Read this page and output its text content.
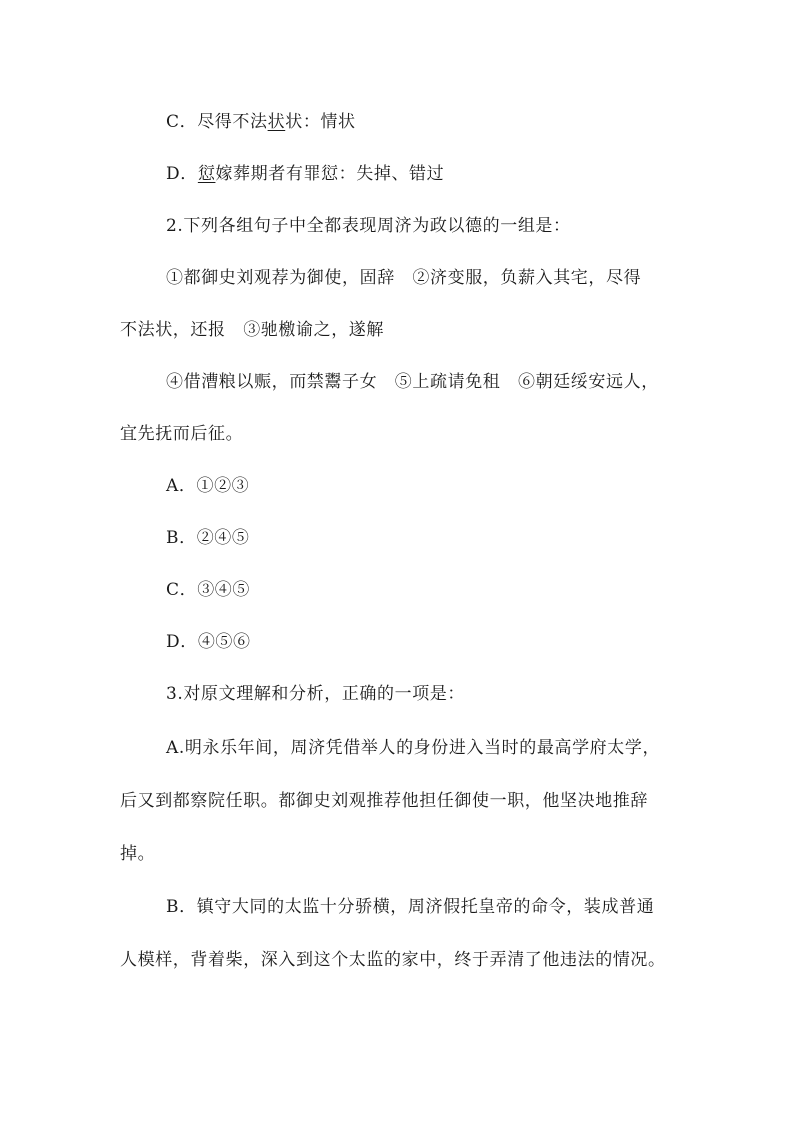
C．尽得不法状状：情状
D．愆嫁葬期者有罪愆：失掉、错过
2.下列各组句子中全都表现周济为政以德的一组是：
①都御史刘观荐为御使，固辞　②济变服，负薪入其宅，尽得
不法状，还报　③驰檄谕之，遂解
④借漕粮以赈，而禁鬻子女　⑤上疏请免租　⑥朝廷绥安远人，
宜先抚而后征。
A．①②③
B．②④⑤
C．③④⑤
D．④⑤⑥
3.对原文理解和分析，正确的一项是：
A.明永乐年间，周济凭借举人的身份进入当时的最高学府太学，
后又到都察院任职。都御史刘观推荐他担任御使一职，他坚决地推辞
掉。
B．镇守大同的太监十分骄横，周济假托皇帝的命令，装成普通
人模样，背着柴，深入到这个太监的家中，终于弄清了他违法的情况。
